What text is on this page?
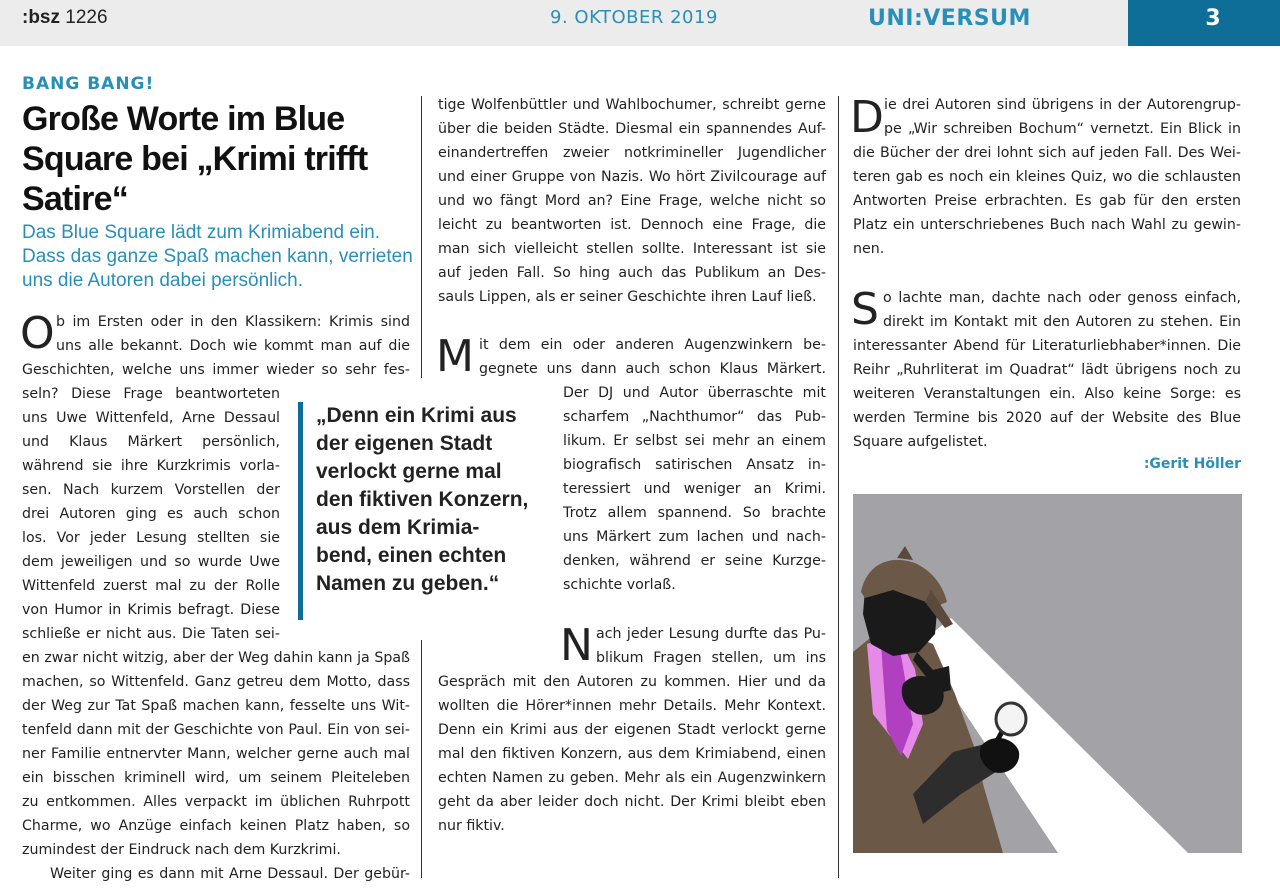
:bsz 1226	9. OKTOBER 2019	UNI:VERSUM	3
BANG BANG!
Große Worte im Blue
Square bei „Krimi trifft
Satire“
Das Blue Square lädt zum Krimiabend ein.
Dass das ganze Spaß machen kann, verrieten
uns die Autoren dabei persönlich.
O b im Ersten oder in den Klassikern: Krimis sind
uns alle bekannt. Doch wie kommt man auf die
Geschichten, welche uns immer wieder so sehr fes-
seln? Diese Frage beantworteten
uns Uwe Wittenfeld, Arne Dessaul
und Klaus Märkert persönlich,
während sie ihre Kurzkrimis vorla-
sen. Nach kurzem Vorstellen der
drei Autoren ging es auch schon
los. Vor jeder Lesung stellten sie
dem jeweiligen und so wurde Uwe
Wittenfeld zuerst mal zu der Rolle
von Humor in Krimis befragt. Diese
schließe er nicht aus. Die Taten sei-
en zwar nicht witzig, aber der Weg dahin kann ja Spaß
machen, so Wittenfeld. Ganz getreu dem Motto, dass
der Weg zur Tat Spaß machen kann, fesselte uns Wit-
tenfeld dann mit der Geschichte von Paul. Ein von sei-
ner Familie entnervter Mann, welcher gerne auch mal
ein bisschen kriminell wird, um seinem Pleiteleben
zu entkommen. Alles verpackt im üblichen Ruhrpott
Charme, wo Anzüge einfach keinen Platz haben, so
zumindest der Eindruck nach dem Kurzkrimi.
Weiter ging es dann mit Arne Dessaul. Der gebür-
„Denn ein Krimi aus
der eigenen Stadt
verlockt gerne mal
den fiktiven Konzern,
aus dem Krimia-
bend, einen echten
Namen zu geben.“
tige Wolfenbüttler und Wahlbochumer, schreibt gerne
über die beiden Städte. Diesmal ein spannendes Auf-
einandertreffen zweier notkrimineller Jugendlicher
und einer Gruppe von Nazis. Wo hört Zivilcourage auf
und wo fängt Mord an? Eine Frage, welche nicht so
leicht zu beantworten ist. Dennoch eine Frage, die
man sich vielleicht stellen sollte. Interessant ist sie
auf jeden Fall. So hing auch das Publikum an Des-
sauls Lippen, als er seiner Geschichte ihren Lauf ließ.
M it dem ein oder anderen Augenzwinkern be-
gegnete uns dann auch schon Klaus Märkert.
Der DJ und Autor überraschte mit
scharfem „Nachthumor“ das Pub-
likum. Er selbst sei mehr an einem
biografisch satirischen Ansatz in-
teressiert und weniger an Krimi.
Trotz allem spannend. So brachte
uns Märkert zum lachen und nach-
denken, während er seine Kurzge-
schichte vorlaß.
N ach jeder Lesung durfte das Pu-
blikum Fragen stellen, um ins
Gespräch mit den Autoren zu kommen. Hier und da
wollten die Hörer*innen mehr Details. Mehr Kontext.
Denn ein Krimi aus der eigenen Stadt verlockt gerne
mal den fiktiven Konzern, aus dem Krimiabend, einen
echten Namen zu geben. Mehr als ein Augenzwinkern
geht da aber leider doch nicht. Der Krimi bleibt eben
nur fiktiv.
D ie drei Autoren sind übrigens in der Autorengrup-
pe „Wir schreiben Bochum“ vernetzt. Ein Blick in
die Bücher der drei lohnt sich auf jeden Fall. Des Wei-
teren gab es noch ein kleines Quiz, wo die schlausten
Antworten Preise erbrachten. Es gab für den ersten
Platz ein unterschriebenes Buch nach Wahl zu gewin-
nen.
S o lachte man, dachte nach oder genoss einfach,
direkt im Kontakt mit den Autoren zu stehen. Ein
interessanter Abend für Literaturliebhaber*innen. Die
Reihr „Ruhrliterat im Quadrat“ lädt übrigens noch zu
weiteren Veranstaltungen ein. Also keine Sorge: es
werden Termine bis 2020 auf der Website des Blue
Square aufgelistet.
:Gerit Höller
